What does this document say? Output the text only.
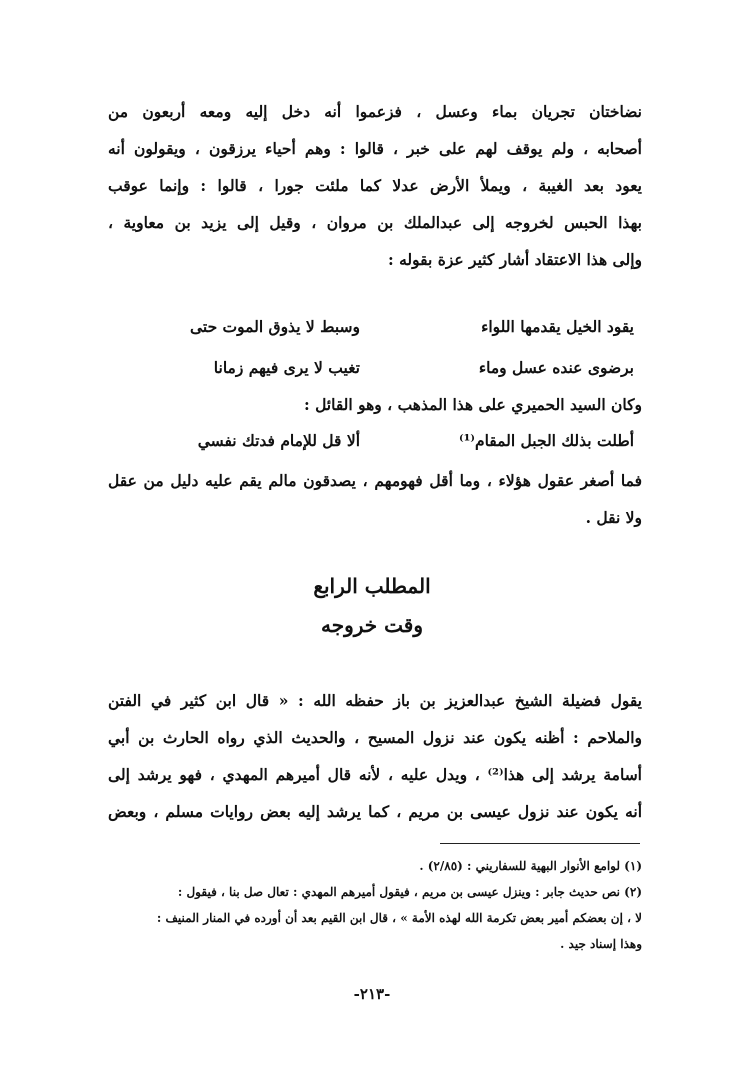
نضاختان تجريان بماء وعسل ، فزعموا أنه دخل إليه ومعه أربعون من
أصحابه ، ولم يوقف لهم على خبر ، قالوا : وهم أحياء يرزقون ، ويقولون أنه
يعود بعد الغيبة ، ويملأ الأرض عدلا كما ملئت جورا ، قالوا : وإنما عوقب
بهذا الحبس لخروجه إلى عبدالملك بن مروان ، وقيل إلى يزيد بن معاوية ،
وإلى هذا الاعتقاد أشار كثير عزة بقوله :
وسبط لا يذوق الموت حتى	يقود الخيل يقدمها اللواء
تغيب لا يرى فيهم زمانا	برضوى عنده عسل وماء
وكان السيد الحميري على هذا المذهب ، وهو القائل :
ألا قل للإمام فدتك نفسي	أطلت بذلك الجبل المقام⁽¹⁾
فما أصغر عقول هؤلاء ، وما أقل فهومهم ، يصدقون مالم يقم عليه دليل من عقل
ولا نقل .
المطلب الرابع
وقت خروجه
يقول فضيلة الشيخ عبدالعزيز بن باز حفظه الله : « قال ابن كثير في الفتن
والملاحم : أظنه يكون عند نزول المسيح ، والحديث الذي رواه الحارث بن أبي
أسامة يرشد إلى هذا⁽²⁾ ، ويدل عليه ، لأنه قال أميرهم المهدي ، فهو يرشد إلى
أنه يكون عند نزول عيسى بن مريم ، كما يرشد إليه بعض روايات مسلم ، وبعض
(١) لوامع الأنوار البهية للسفاريني : (٢/٨٥) .
(٢) نص حديث جابر : وينزل عيسى بن مريم ، فيقول أميرهم المهدي : تعال صل بنا ، فيقول :
لا ، إن بعضكم أمير بعض تكرمة الله لهذه الأمة » ، قال ابن القيم بعد أن أورده في المنار المنيف :
وهذا إسناد جيد .
-٢١٣-
